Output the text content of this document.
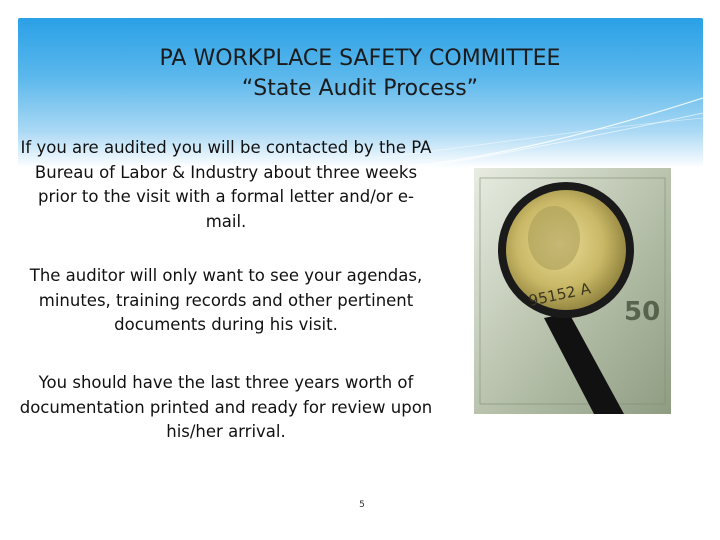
PA WORKPLACE SAFETY COMMITTEE
“State Audit Process”
If you are audited you will be contacted by the PA Bureau of Labor & Industry about three weeks prior to the visit with a formal letter and/or e-mail.
The auditor will only want to see your agendas, minutes, training records and other pertinent documents during his visit.
You should have the last three years worth of documentation printed and ready for review upon his/her arrival.
95152 A
50
5
